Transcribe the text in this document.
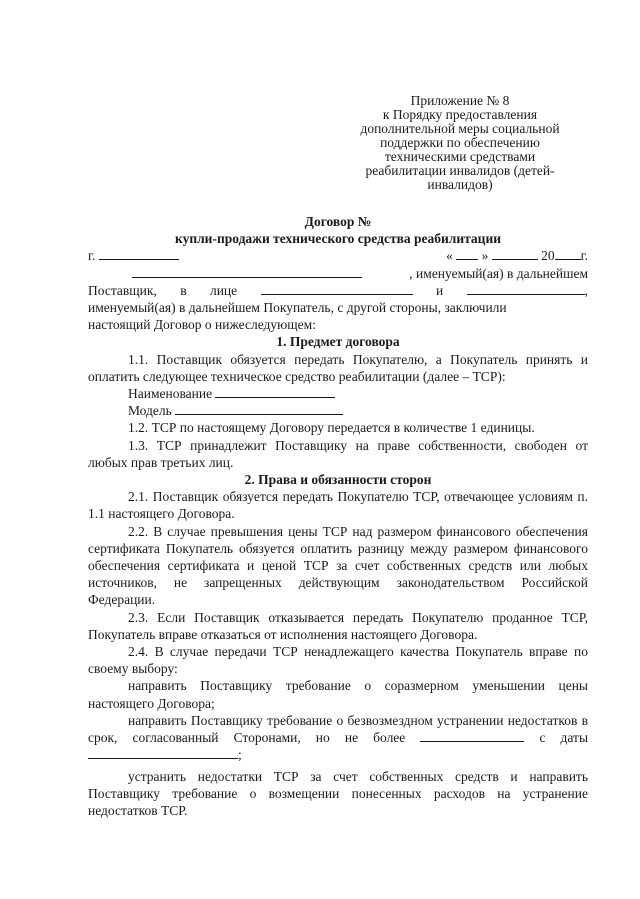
Приложение № 8
к Порядку предоставления
дополнительной меры социальной
поддержки по обеспечению
техническими средствами
реабилитации инвалидов (детей-
инвалидов)

Договор №

купли-продажи технического средства реабилитации

г.	« »	20 г.
, именуемый(ая) в дальнейшем
Поставщик, в лице	и	,

именуемый(ая) в дальнейшем Покупатель, с другой стороны, заключили

настоящий Договор о нижеследующем:

1. Предмет договора

1.1. Поставщик обязуется передать Покупателю, а Покупатель принять и оплатить следующее техническое средство реабилитации (далее – ТСР):

Наименование

Модель

1.2. ТСР по настоящему Договору передается в количестве 1 единицы.

1.3. ТСР принадлежит Поставщику на праве собственности, свободен от любых прав третьих лиц.

2. Права и обязанности сторон

2.1. Поставщик обязуется передать Покупателю ТСР, отвечающее условиям п. 1.1 настоящего Договора.

2.2. В случае превышения цены ТСР над размером финансового обеспечения сертификата Покупатель обязуется оплатить разницу между размером финансового обеспечения сертификата и ценой ТСР за счет собственных средств или любых источников, не запрещенных действующим законодательством Российской Федерации.

2.3. Если Поставщик отказывается передать Покупателю проданное ТСР, Покупатель вправе отказаться от исполнения настоящего Договора.

2.4. В случае передачи ТСР ненадлежащего качества Покупатель вправе по своему выбору:

направить Поставщику требование о соразмерном уменьшении цены настоящего Договора;

направить Поставщику требование о безвозмездном устранении недостатков в срок, согласованный Сторонами, но не более	с даты ;

устранить недостатки ТСР за счет собственных средств и направить Поставщику требование о возмещении понесенных расходов на устранение недостатков ТСР.
